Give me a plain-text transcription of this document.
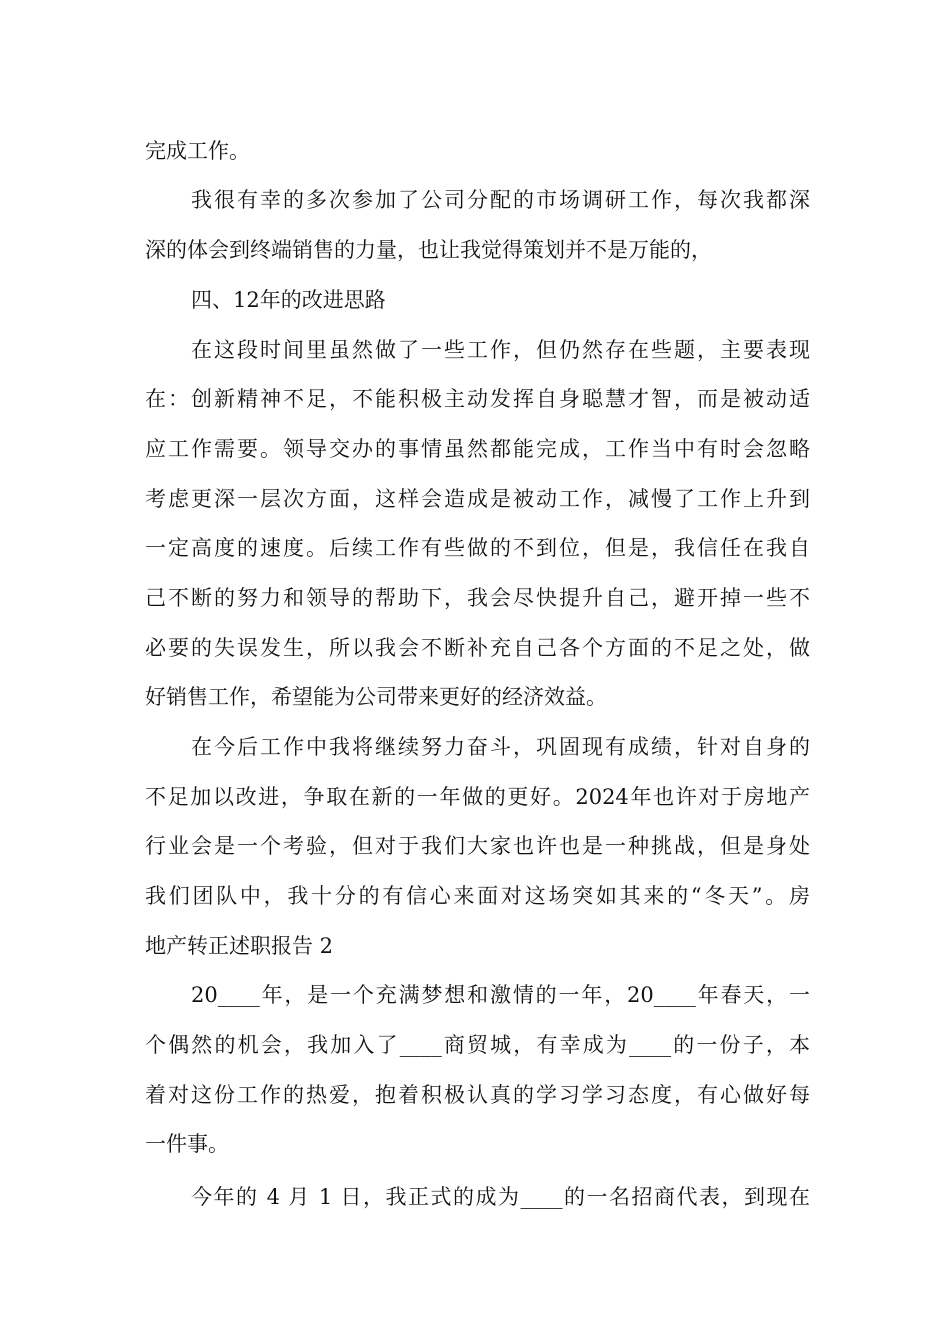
完成工作。
我很有幸的多次参加了公司分配的市场调研工作，每次我都深
深的体会到终端销售的力量，也让我觉得策划并不是万能的，
四、12年的改进思路
在这段时间里虽然做了一些工作，但仍然存在些题，主要表现
在：创新精神不足，不能积极主动发挥自身聪慧才智，而是被动适
应工作需要。领导交办的事情虽然都能完成，工作当中有时会忽略
考虑更深一层次方面，这样会造成是被动工作，减慢了工作上升到
一定高度的速度。后续工作有些做的不到位，但是，我信任在我自
己不断的努力和领导的帮助下，我会尽快提升自己，避开掉一些不
必要的失误发生，所以我会不断补充自己各个方面的不足之处，做
好销售工作，希望能为公司带来更好的经济效益。
在今后工作中我将继续努力奋斗，巩固现有成绩，针对自身的
不足加以改进，争取在新的一年做的更好。2024年也许对于房地产
行业会是一个考验，但对于我们大家也许也是一种挑战，但是身处
我们团队中，我十分的有信心来面对这场突如其来的“冬天”。房
地产转正述职报告 2
20____年，是一个充满梦想和激情的一年，20____年春天，一
个偶然的机会，我加入了____商贸城，有幸成为____的一份子，本
着对这份工作的热爱，抱着积极认真的学习学习态度，有心做好每
一件事。
今年的 4 月 1 日，我正式的成为____的一名招商代表，到现在
